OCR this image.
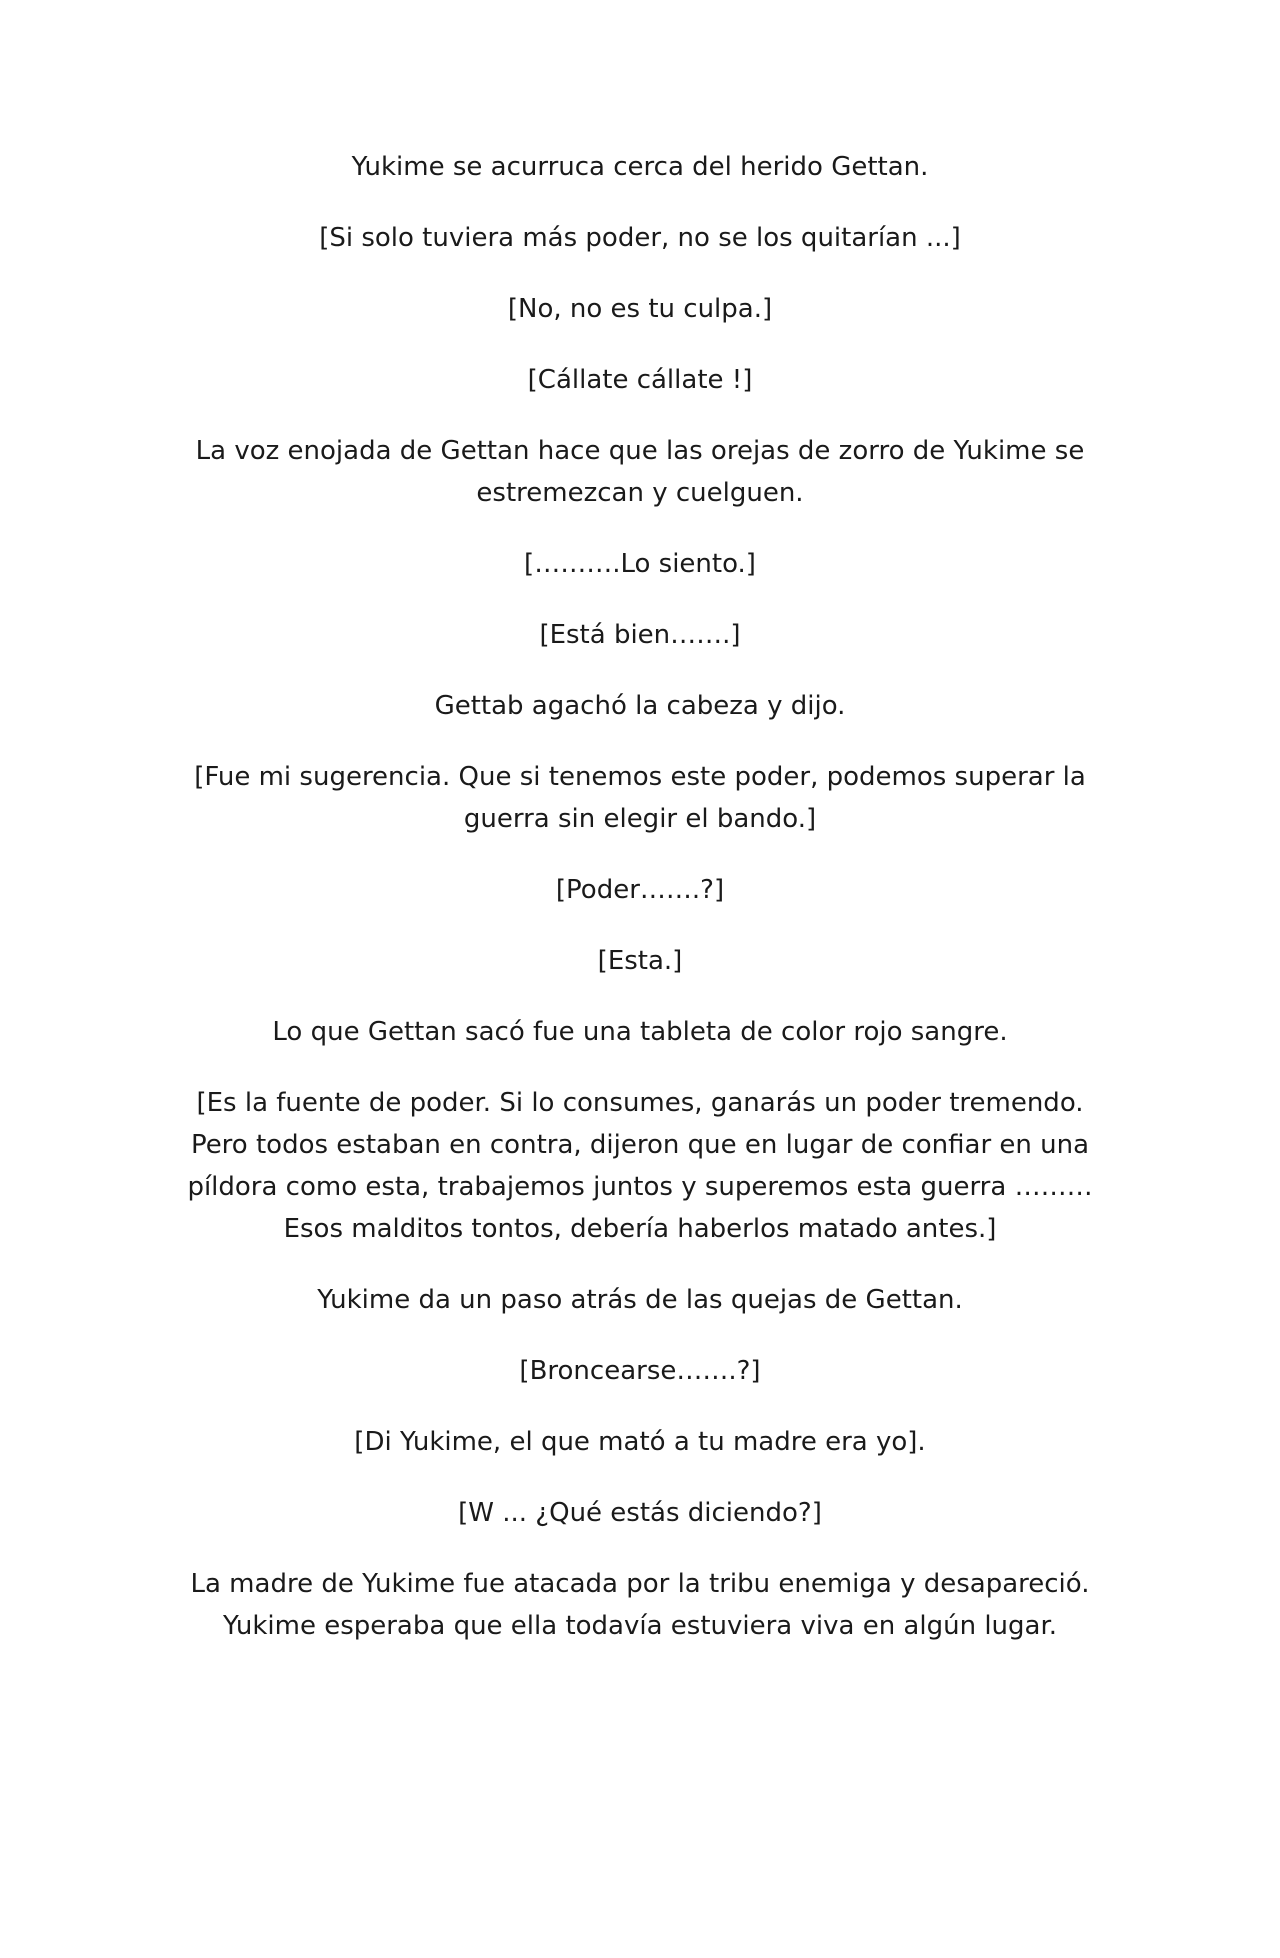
Yukime se acurruca cerca del herido Gettan.

[Si solo tuviera más poder, no se los quitarían ...]

[No, no es tu culpa.]

[Cállate cállate !]

La voz enojada de Gettan hace que las orejas de zorro de Yukime se estremezcan y cuelguen.

[……….Lo siento.]

[Está bien…….]

Gettab agachó la cabeza y dijo.

[Fue mi sugerencia. Que si tenemos este poder, podemos superar la guerra sin elegir el bando.]

[Poder…….?]

[Esta.]

Lo que Gettan sacó fue una tableta de color rojo sangre.

[Es la fuente de poder. Si lo consumes, ganarás un poder tremendo. Pero todos estaban en contra, dijeron que en lugar de confiar en una píldora como esta, trabajemos juntos y superemos esta guerra ……… Esos malditos tontos, debería haberlos matado antes.]

Yukime da un paso atrás de las quejas de Gettan.

[Broncearse…….?]

[Di Yukime, el que mató a tu madre era yo].

[W ... ¿Qué estás diciendo?]

La madre de Yukime fue atacada por la tribu enemiga y desapareció. Yukime esperaba que ella todavía estuviera viva en algún lugar.
